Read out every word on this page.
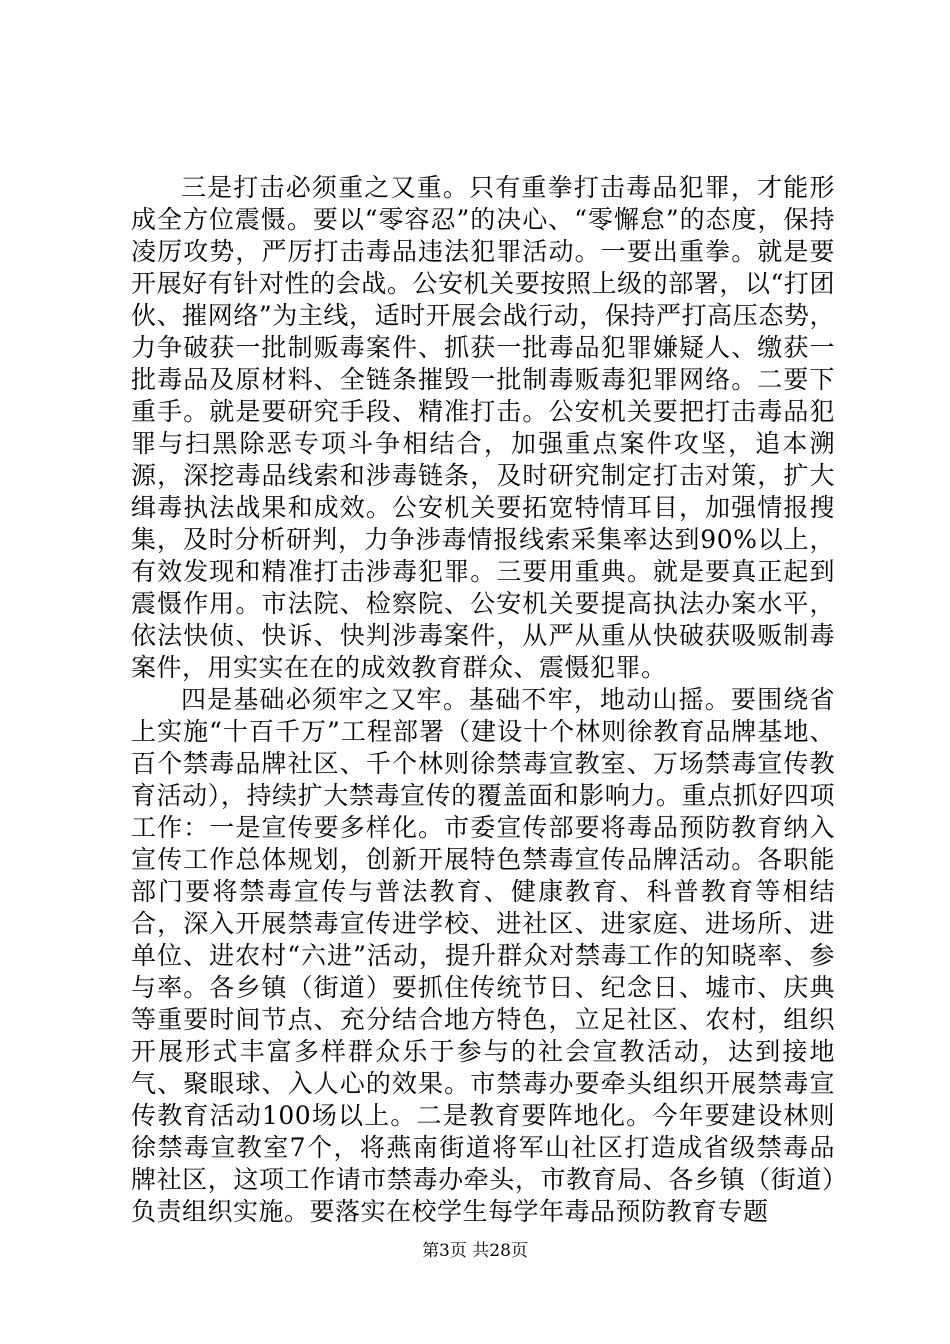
三是打击必须重之又重。只有重拳打击毒品犯罪，才能形成全方位震慑。要以“零容忍”的决心、“零懈怠”的态度，保持凌厉攻势，严厉打击毒品违法犯罪活动。一要出重拳。就是要开展好有针对性的会战。公安机关要按照上级的部署，以“打团伙、摧网络”为主线，适时开展会战行动，保持严打高压态势，力争破获一批制贩毒案件、抓获一批毒品犯罪嫌疑人、缴获一批毒品及原材料、全链条摧毁一批制毒贩毒犯罪网络。二要下重手。就是要研究手段、精准打击。公安机关要把打击毒品犯罪与扫黑除恶专项斗争相结合，加强重点案件攻坚，追本溯源，深挖毒品线索和涉毒链条，及时研究制定打击对策，扩大缉毒执法战果和成效。公安机关要拓宽特情耳目，加强情报搜集，及时分析研判，力争涉毒情报线索采集率达到90%以上，有效发现和精准打击涉毒犯罪。三要用重典。就是要真正起到震慑作用。市法院、检察院、公安机关要提高执法办案水平，依法快侦、快诉、快判涉毒案件，从严从重从快破获吸贩制毒案件，用实实在在的成效教育群众、震慑犯罪。

四是基础必须牢之又牢。基础不牢，地动山摇。要围绕省上实施“十百千万”工程部署（建设十个林则徐教育品牌基地、百个禁毒品牌社区、千个林则徐禁毒宣教室、万场禁毒宣传教育活动），持续扩大禁毒宣传的覆盖面和影响力。重点抓好四项工作：一是宣传要多样化。市委宣传部要将毒品预防教育纳入宣传工作总体规划，创新开展特色禁毒宣传品牌活动。各职能部门要将禁毒宣传与普法教育、健康教育、科普教育等相结合，深入开展禁毒宣传进学校、进社区、进家庭、进场所、进单位、进农村“六进”活动，提升群众对禁毒工作的知晓率、参与率。各乡镇（街道）要抓住传统节日、纪念日、墟市、庆典等重要时间节点、充分结合地方特色，立足社区、农村，组织开展形式丰富多样群众乐于参与的社会宣教活动，达到接地气、聚眼球、入人心的效果。市禁毒办要牵头组织开展禁毒宣传教育活动100场以上。二是教育要阵地化。今年要建设林则徐禁毒宣教室7个，将燕南街道将军山社区打造成省级禁毒品牌社区，这项工作请市禁毒办牵头，市教育局、各乡镇（街道）负责组织实施。要落实在校学生每学年毒品预防教育专题

第3页 共28页
